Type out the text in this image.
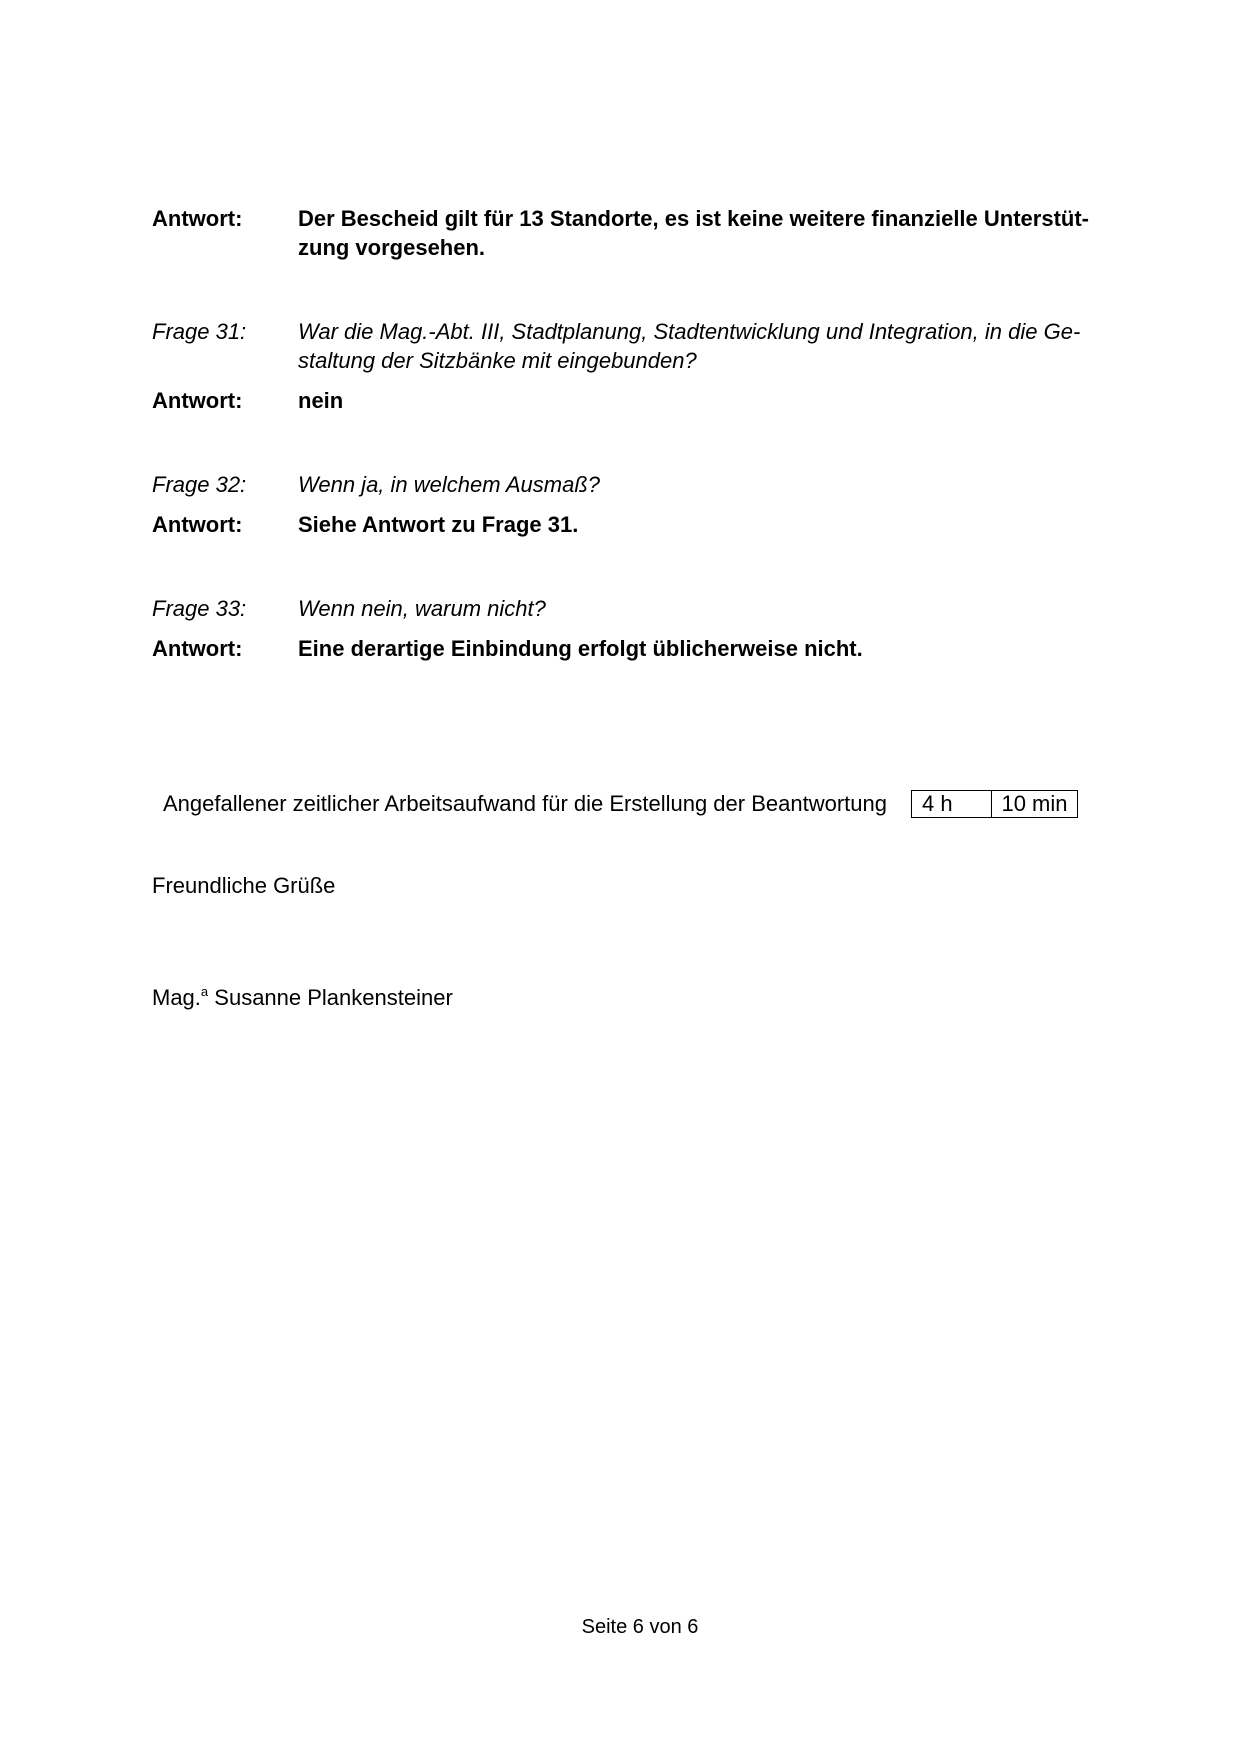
Antwort:	Der Bescheid gilt für 13 Standorte, es ist keine weitere finanzielle Unterstüt-
zung vorgesehen.
Frage 31:	War die Mag.-Abt. III, Stadtplanung, Stadtentwicklung und Integration, in die Ge-
staltung der Sitzbänke mit eingebunden?
Antwort:	nein
Frage 32:	Wenn ja, in welchem Ausmaß?
Antwort:	Siehe Antwort zu Frage 31.
Frage 33:	Wenn nein, warum nicht?
Antwort:	Eine derartige Einbindung erfolgt üblicherweise nicht.
Angefallener zeitlicher Arbeitsaufwand für die Erstellung der Beantwortung	4 h	10 min
Freundliche Grüße
Mag.$^a$ Susanne Plankensteiner
Seite 6 von 6
